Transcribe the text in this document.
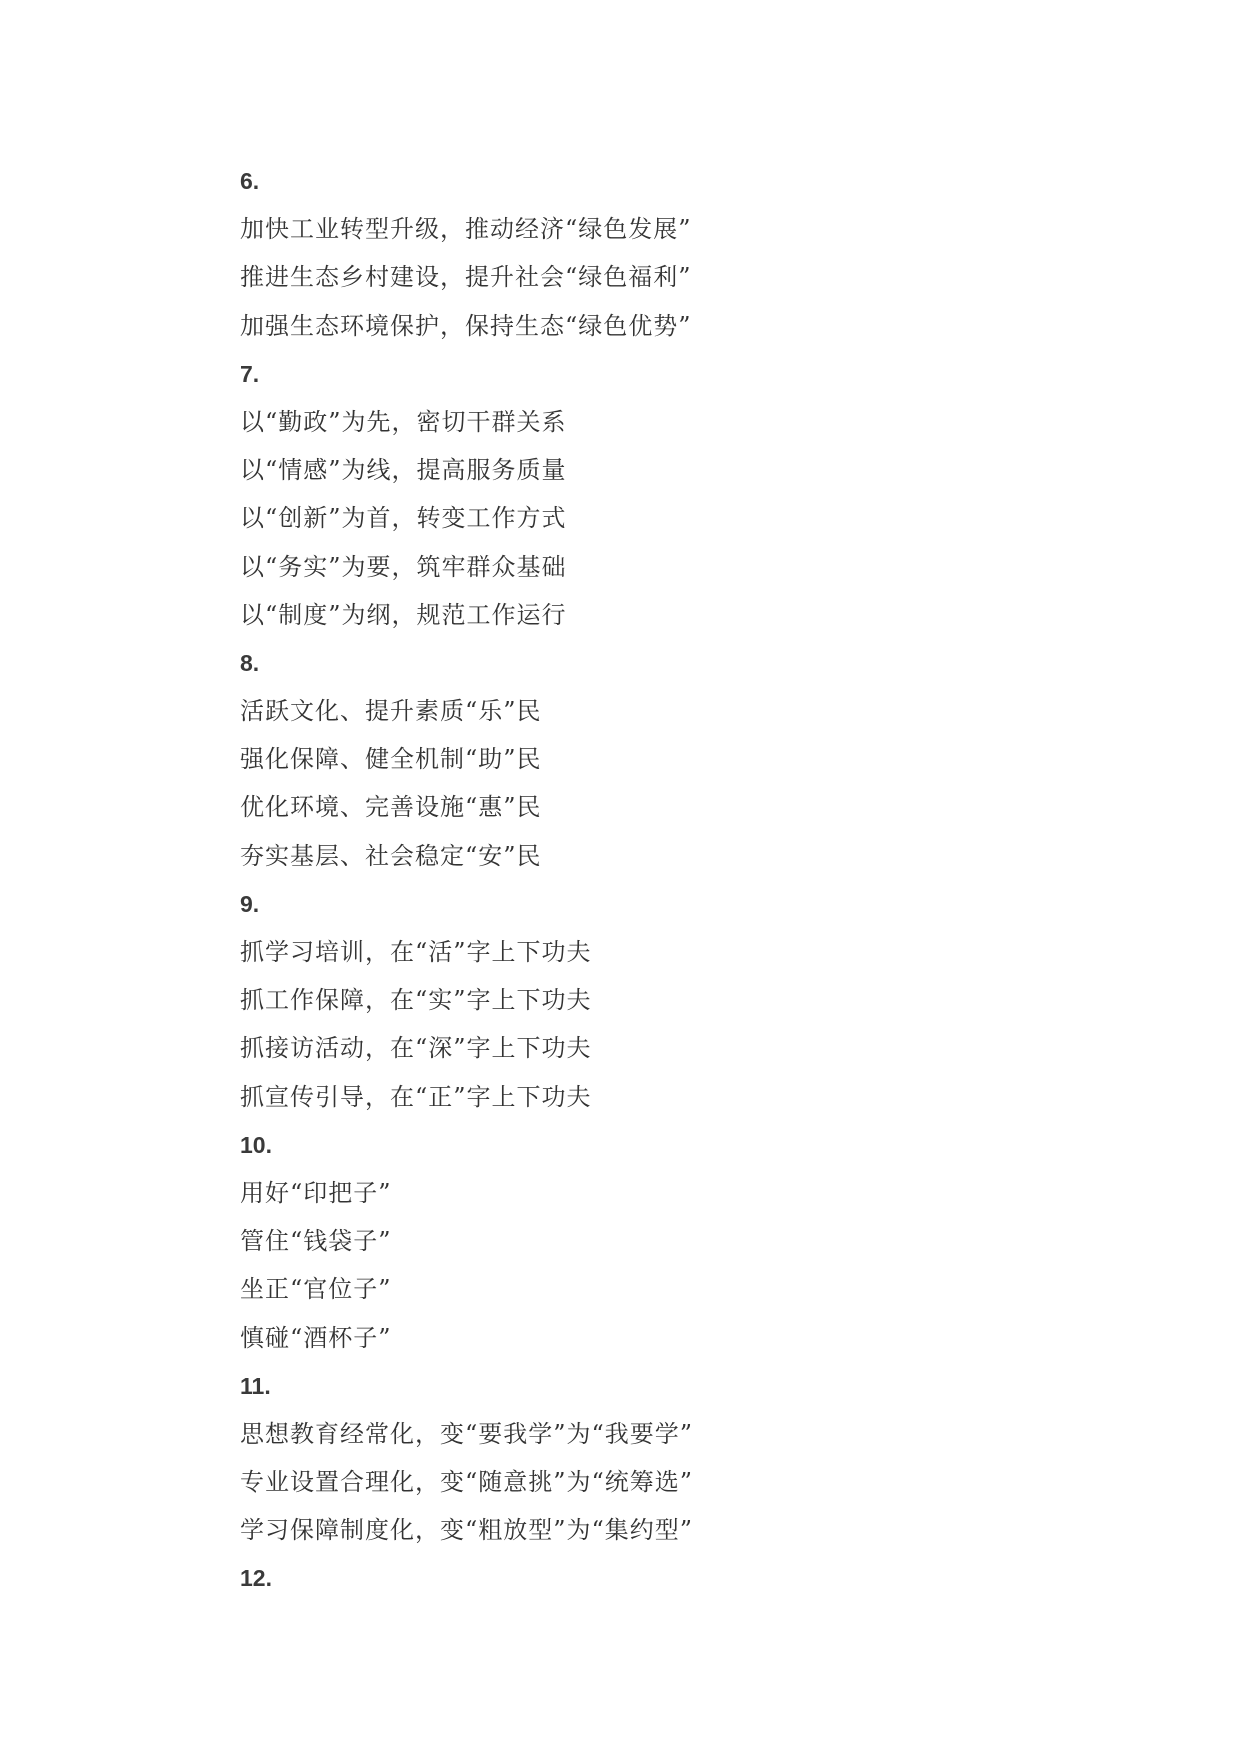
6.
加快工业转型升级，推动经济“绿色发展”
推进生态乡村建设，提升社会“绿色福利”
加强生态环境保护，保持生态“绿色优势”
7.
以“勤政”为先，密切干群关系
以“情感”为线，提高服务质量
以“创新”为首，转变工作方式
以“务实”为要，筑牢群众基础
以“制度”为纲，规范工作运行
8.
活跃文化、提升素质“乐”民
强化保障、健全机制“助”民
优化环境、完善设施“惠”民
夯实基层、社会稳定“安”民
9.
抓学习培训，在“活”字上下功夫
抓工作保障，在“实”字上下功夫
抓接访活动，在“深”字上下功夫
抓宣传引导，在“正”字上下功夫
10.
用好“印把子”
管住“钱袋子”
坐正“官位子”
慎碰“酒杯子”
11.
思想教育经常化，变“要我学”为“我要学”
专业设置合理化，变“随意挑”为“统筹选”
学习保障制度化，变“粗放型”为“集约型”
12.
